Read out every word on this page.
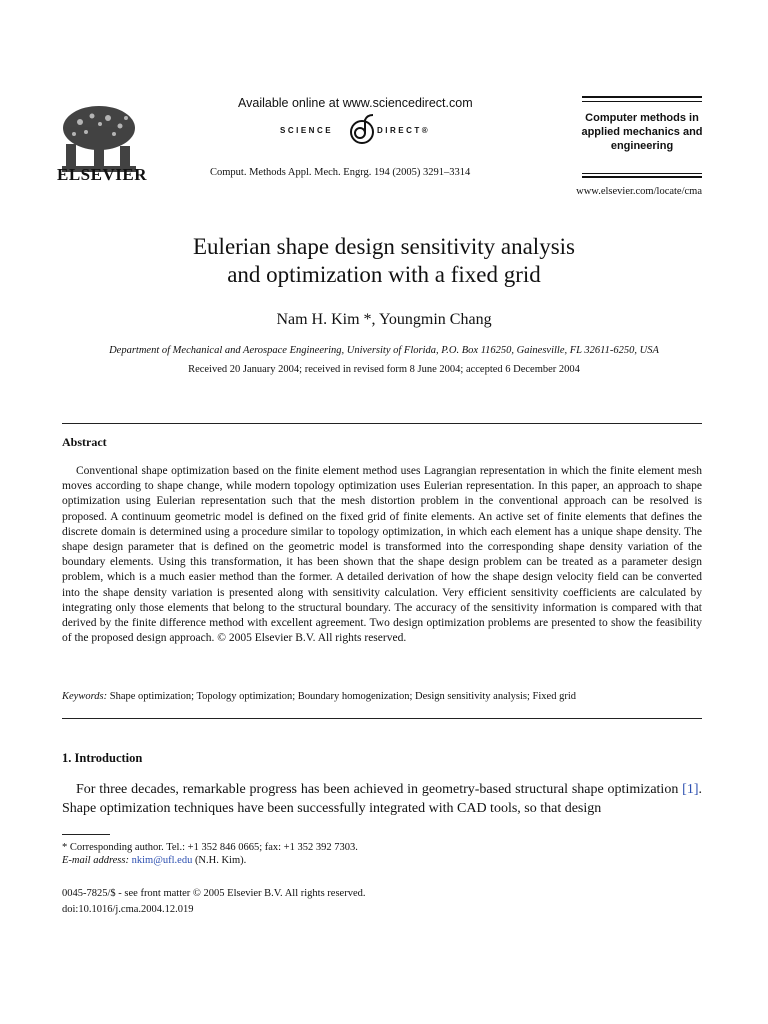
ELSEVIER
Available online at www.sciencedirect.com
SCIENCE	DIRECT®
Comput. Methods Appl. Mech. Engrg. 194 (2005) 3291–3314
Computer methods in applied mechanics and engineering
www.elsevier.com/locate/cma
Eulerian shape design sensitivity analysis
and optimization with a fixed grid
Nam H. Kim *, Youngmin Chang
Department of Mechanical and Aerospace Engineering, University of Florida, P.O. Box 116250, Gainesville, FL 32611-6250, USA
Received 20 January 2004; received in revised form 8 June 2004; accepted 6 December 2004
Abstract
Conventional shape optimization based on the finite element method uses Lagrangian representation in which the finite element mesh moves according to shape change, while modern topology optimization uses Eulerian representation. In this paper, an approach to shape optimization using Eulerian representation such that the mesh distortion problem in the conventional approach can be resolved is proposed. A continuum geometric model is defined on the fixed grid of finite elements. An active set of finite elements that defines the discrete domain is determined using a procedure similar to topology optimization, in which each element has a unique shape density. The shape design parameter that is defined on the geometric model is transformed into the corresponding shape density variation of the boundary elements. Using this transformation, it has been shown that the shape design problem can be treated as a parameter design problem, which is a much easier method than the former. A detailed derivation of how the shape design velocity field can be converted into the shape density variation is presented along with sensitivity calculation. Very efficient sensitivity coefficients are calculated by integrating only those elements that belong to the structural boundary. The accuracy of the sensitivity information is compared with that derived by the finite difference method with excellent agreement. Two design optimization problems are presented to show the feasibility of the proposed design approach. © 2005 Elsevier B.V. All rights reserved.
Keywords: Shape optimization; Topology optimization; Boundary homogenization; Design sensitivity analysis; Fixed grid
1. Introduction
For three decades, remarkable progress has been achieved in geometry-based structural shape optimization [1]. Shape optimization techniques have been successfully integrated with CAD tools, so that design
* Corresponding author. Tel.: +1 352 846 0665; fax: +1 352 392 7303.
E-mail address: nkim@ufl.edu (N.H. Kim).
0045-7825/$ - see front matter © 2005 Elsevier B.V. All rights reserved.
doi:10.1016/j.cma.2004.12.019
